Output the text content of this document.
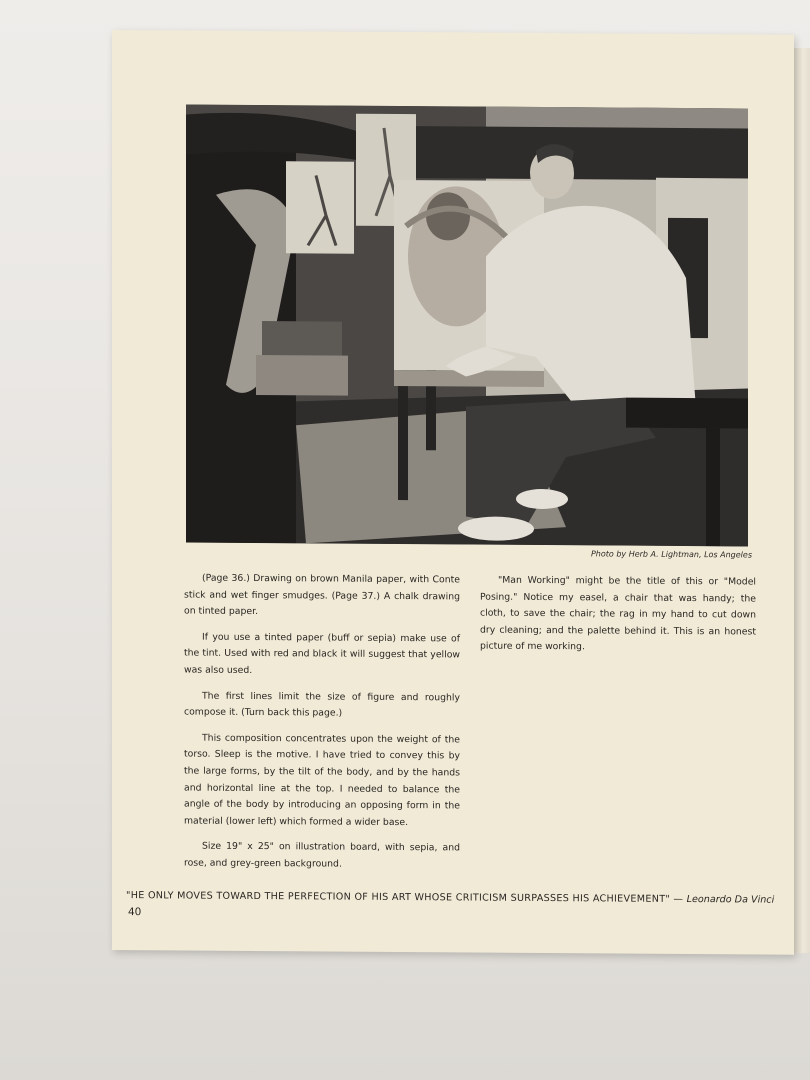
Photo by Herb A. Lightman, Los Angeles

(Page 36.) Drawing on brown Manila paper, with Conte stick and wet finger smudges. (Page 37.) A chalk drawing on tinted paper.

If you use a tinted paper (buff or sepia) make use of the tint. Used with red and black it will suggest that yellow was also used.

The first lines limit the size of figure and roughly compose it. (Turn back this page.)

This composition concentrates upon the weight of the torso. Sleep is the motive. I have tried to convey this by the large forms, by the tilt of the body, and by the hands and horizontal line at the top. I needed to balance the angle of the body by introducing an opposing form in the material (lower left) which formed a wider base.

Size 19" x 25" on illustration board, with sepia, and rose, and grey-green background.

"Man Working" might be the title of this or "Model Posing." Notice my easel, a chair that was handy; the cloth, to save the chair; the rag in my hand to cut down dry cleaning; and the palette behind it. This is an honest picture of me working.

"HE ONLY MOVES TOWARD THE PERFECTION OF HIS ART WHOSE CRITICISM SURPASSES HIS ACHIEVEMENT" — Leonardo Da Vinci
40
